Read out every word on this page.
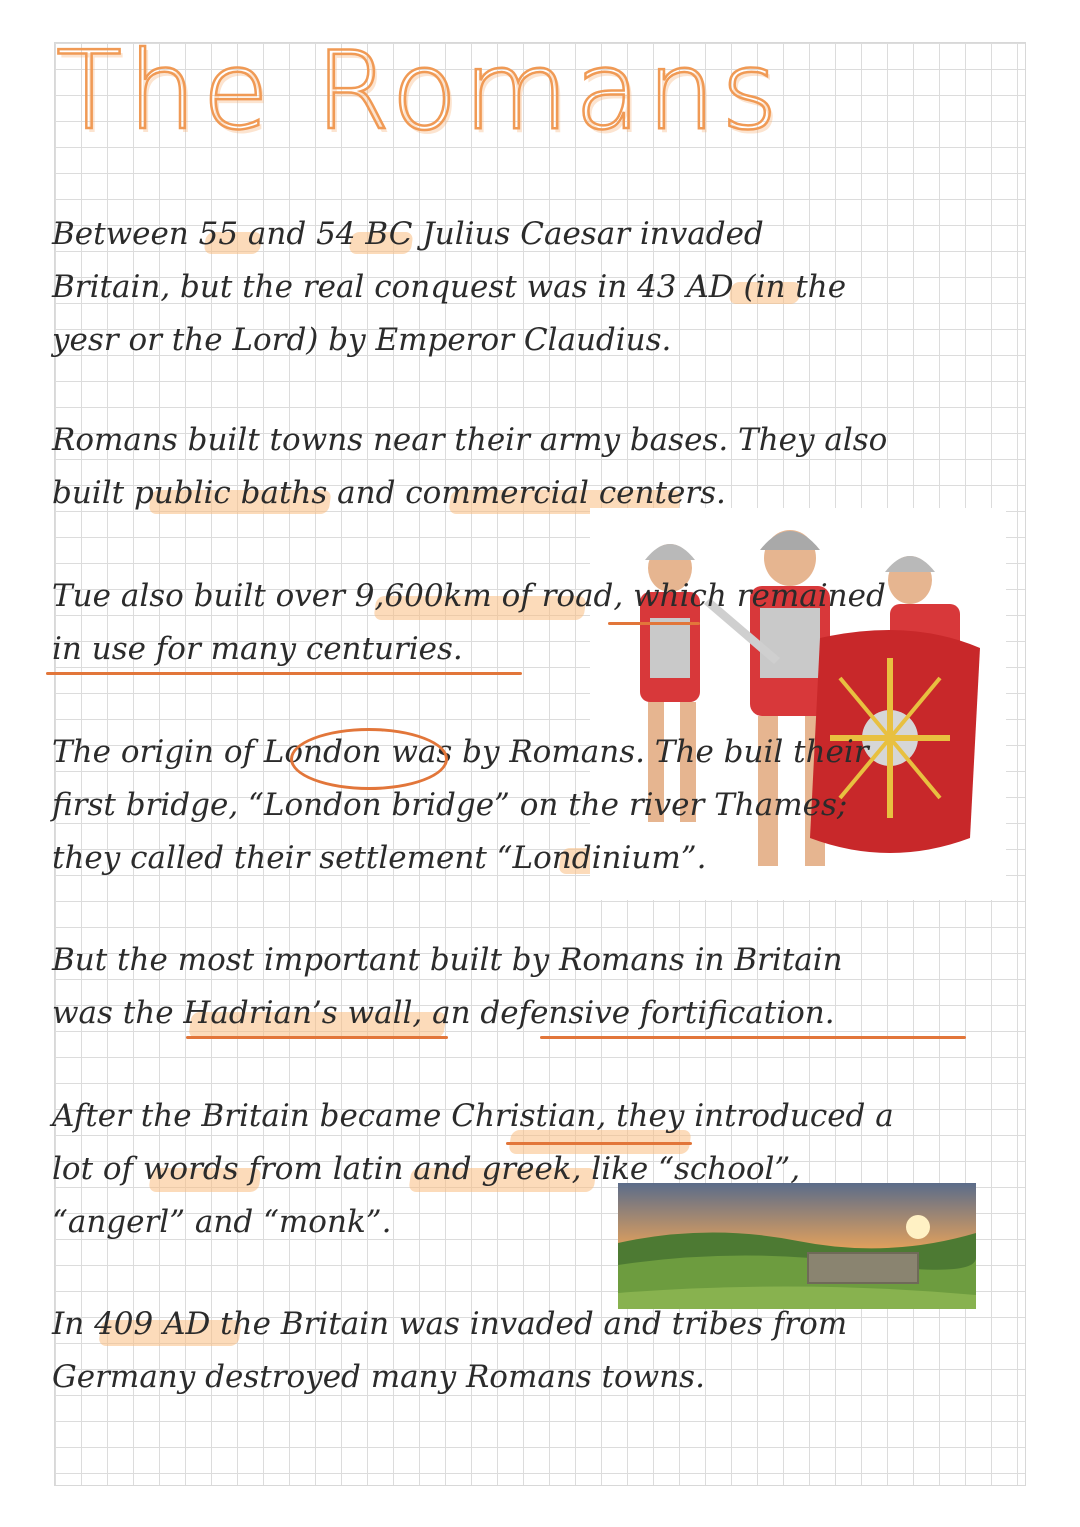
The Romans

Between 55 and 54 BC Julius Caesar invaded
Britain, but the real conquest was in 43 AD (in the
yesr or the Lord) by Emperor Claudius.

Romans built towns near their army bases. They also
built public baths and commercial centers.

Tue also built over 9,600km of road, which remained
in use for many centuries.

The origin of London was by Romans. The buil their
first bridge, “London bridge” on the river Thames;
they called their settlement “Londinium”.

But the most important built by Romans in Britain
was the Hadrian’s wall, an defensive fortification.

After the Britain became Christian, they introduced a
lot of words from latin and greek, like “school”,
“angerl” and “monk”.

In 409 AD the Britain was invaded and tribes from
Germany destroyed many Romans towns.
